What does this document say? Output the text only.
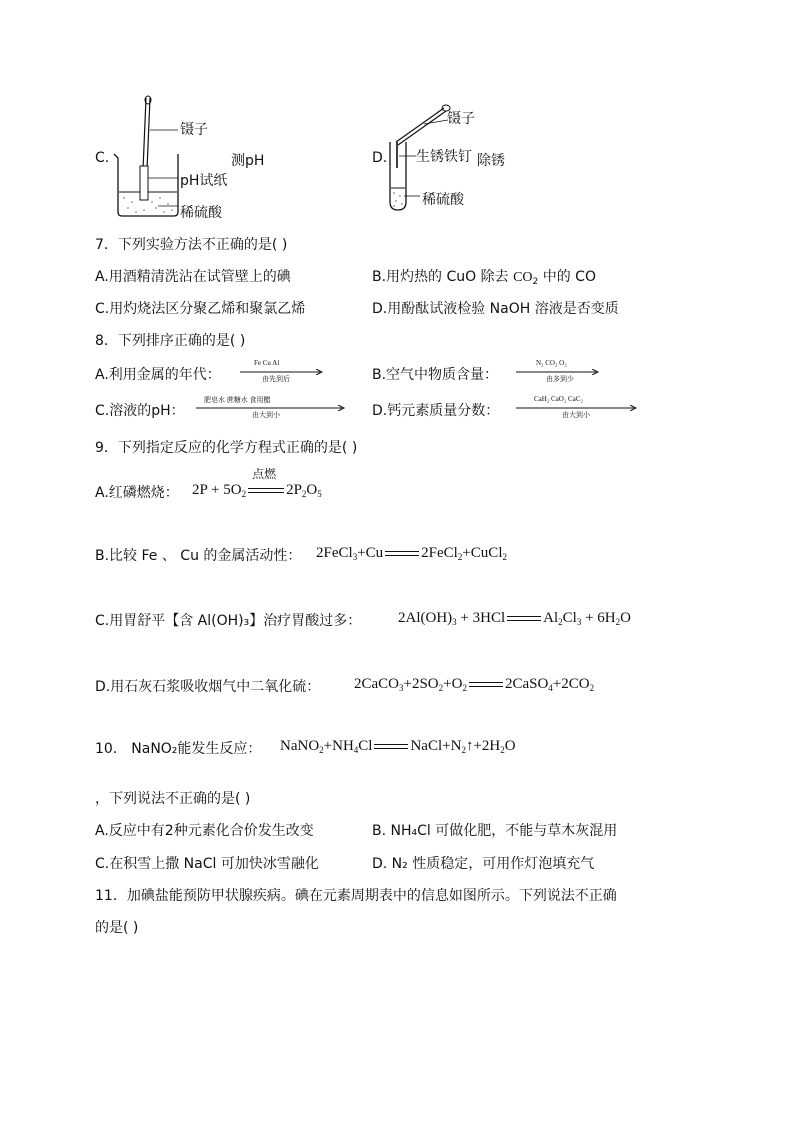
C.
镊子
测pH
pH试纸
稀硫酸
D.
镊子
生锈铁钉 除锈
稀硫酸
7．下列实验方法不正确的是( )
A.用酒精清洗沾在试管壁上的碘	B.用灼热的 CuO 除去 $CO_2$ 中的 CO
C.用灼烧法区分聚乙烯和聚氯乙烯	D.用酚酞试液检验 NaOH 溶液是否变质
8．下列排序正确的是( )
A.利用金属的年代：
Fe Cu Al
由先到后	B.空气中物质含量：
N₂ CO₂ O₂
由多到少
C.溶液的pH：
肥皂水 蔗糖水 食用醋
由大到小	D.钙元素质量分数：
CaH₂ CaO₂ CaC₂
由大到小
9．下列指定反应的化学方程式正确的是( )
A.红磷燃烧： $2P + 5O_2$
点燃
$2P_2O_5$
B.比较 Fe 、 Cu 的金属活动性： 2FeCl$_3$+Cu	2FeCl$_2$+CuCl$_2$
C.用胃舒平【含 Al(OH)₃】治疗胃酸过多： $2Al(OH)_3 + 3HCl$	$Al_2Cl_3 + 6H_2O$
D.用石灰石浆吸收烟气中二氧化硫： $2CaCO_3+2SO_2+O_2$	$2CaSO_4+2CO_2$
10． NaNO₂能发生反应： $NaNO_2+NH_4Cl$	$NaCl+N_2↑+2H_2O$
，下列说法不正确的是( )
A.反应中有2种元素化合价发生改变	B. NH₄Cl 可做化肥，不能与草木灰混用
C.在积雪上撒 NaCl 可加快冰雪融化	D. N₂ 性质稳定，可用作灯泡填充气
11．加碘盐能预防甲状腺疾病。碘在元素周期表中的信息如图所示。下列说法不正确
的是( )
